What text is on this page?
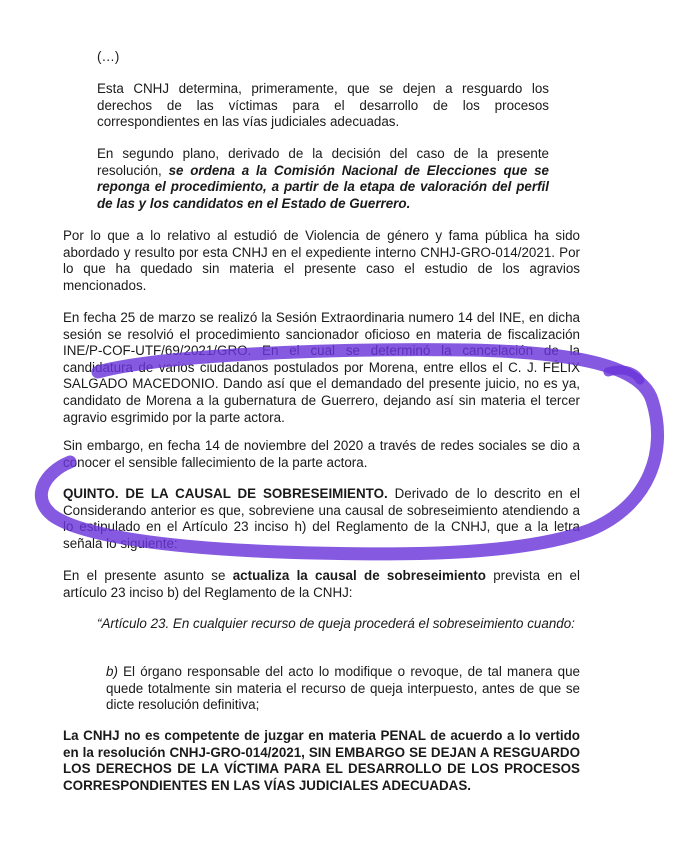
(…)

Esta CNHJ determina, primeramente, que se dejen a resguardo los derechos de las víctimas para el desarrollo de los procesos correspondientes en las vías judiciales adecuadas.

En segundo plano, derivado de la decisión del caso de la presente resolución, se ordena a la Comisión Nacional de Elecciones que se reponga el procedimiento, a partir de la etapa de valoración del perfil de las y los candidatos en el Estado de Guerrero.

Por lo que a lo relativo al estudió de Violencia de género y fama pública ha sido abordado y resulto por esta CNHJ en el expediente interno CNHJ-GRO-014/2021. Por lo que ha quedado sin materia el presente caso el estudio de los agravios mencionados.

En fecha 25 de marzo se realizó la Sesión Extraordinaria numero 14 del INE, en dicha sesión se resolvió el procedimiento sancionador oficioso en materia de fiscalización INE/P-COF-UTF/69/2021/GRO. En el cual se determinó la cancelación de la candidatura de varios ciudadanos postulados por Morena, entre ellos el C. J. FÉLIX SALGADO MACEDONIO. Dando así que el demandado del presente juicio, no es ya, candidato de Morena a la gubernatura de Guerrero, dejando así sin materia el tercer agravio esgrimido por la parte actora.

Sin embargo, en fecha 14 de noviembre del 2020 a través de redes sociales se dio a conocer el sensible fallecimiento de la parte actora.

QUINTO. DE LA CAUSAL DE SOBRESEIMIENTO. Derivado de lo descrito en el Considerando anterior es que, sobreviene una causal de sobreseimiento atendiendo a lo estipulado en el Artículo 23 inciso h) del Reglamento de la CNHJ, que a la letra señala lo siguiente:

En el presente asunto se actualiza la causal de sobreseimiento prevista en el artículo 23 inciso b) del Reglamento de la CNHJ:

“Artículo 23. En cualquier recurso de queja procederá el sobreseimiento cuando:

b) El órgano responsable del acto lo modifique o revoque, de tal manera que quede totalmente sin materia el recurso de queja interpuesto, antes de que se dicte resolución definitiva;

La CNHJ no es competente de juzgar en materia PENAL de acuerdo a lo vertido en la resolución CNHJ-GRO-014/2021, SIN EMBARGO SE DEJAN A RESGUARDO LOS DERECHOS DE LA VÍCTIMA PARA EL DESARROLLO DE LOS PROCESOS CORRESPONDIENTES EN LAS VÍAS JUDICIALES ADECUADAS.
